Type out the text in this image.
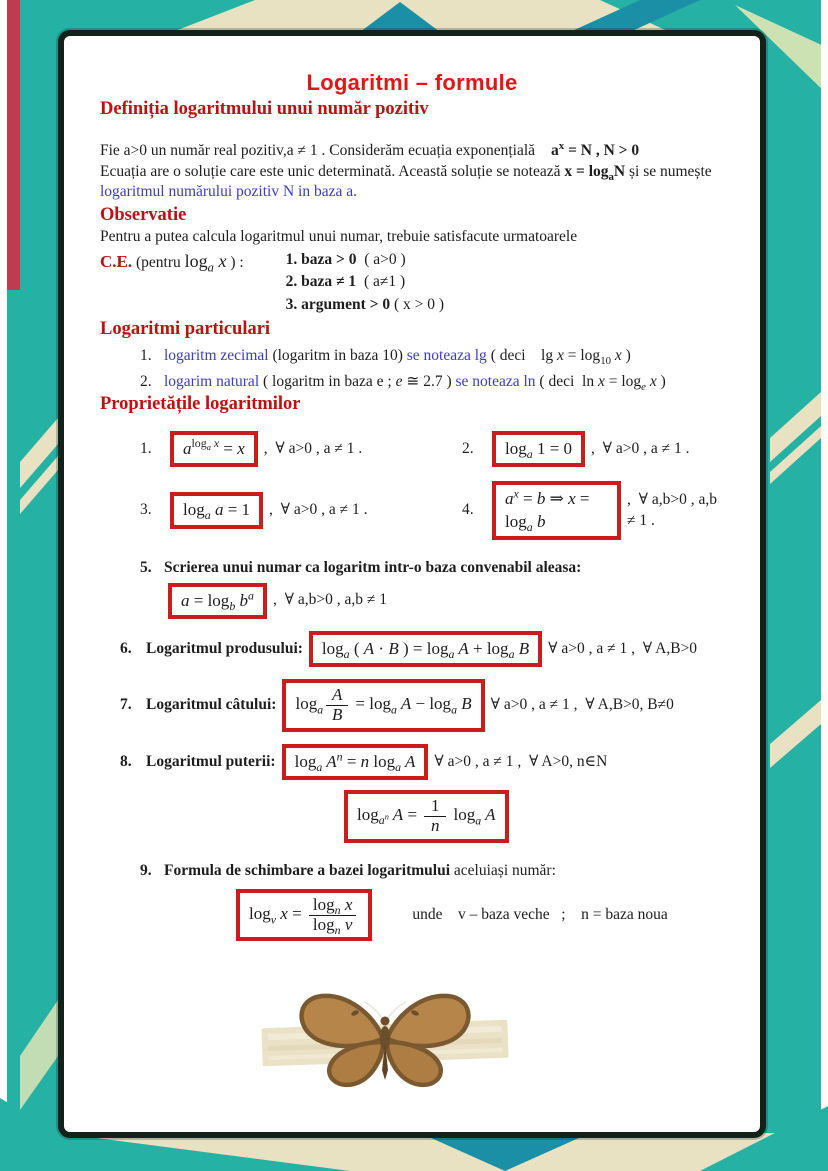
Logaritmi – formule
Definiția logaritmului unui număr pozitiv

Fie a>0 un număr real pozitiv,a ≠ 1 . Considerăm ecuația exponențială $a^x = N$ , N > 0

Ecuația are o soluție care este unic determinată. Această soluție se notează $x = \log_aN$ și se numește

logaritmul numărului pozitiv N in baza a.

Observatie

Pentru a putea calcula logaritmul unui numar, trebuie satisfacute urmatoarele

C.E. (pentru $\log_a x$ ) :	1. baza > 0  ( a>0 )
2. baza ≠ 1  ( a≠1 )
3. argument > 0 ( x > 0 )
Logaritmi particulari
1. logaritm zecimal (logaritm in baza 10) se noteaza lg ( deci    $\lg x = \log_{10} x$ )
2. logarim natural ( logaritm in baza e ; e ≅ 2.7 ) se noteaza ln ( deci  $\ln x = \log_e x$ )
Proprietățile logaritmilor
1.	$a^{log_a x} = x$	,  ∀ a>0 , a ≠ 1 .	2.	$\log_a 1 = 0$	,  ∀ a>0 , a ≠ 1 .
3.	$\log_a a = 1$	,  ∀ a>0 , a ≠ 1 .	4.
$a^x = b$ ⇒ $x = \log_a b$
,  ∀ a,b>0 , a,b ≠ 1 .
5. Scrierea unui numar ca logaritm intr-o baza convenabil aleasa:
$a = \log_b b^a$	,  ∀ a,b>0 , a,b ≠ 1
6. Logaritmul produsului:	$\log_a$ ( A · B ) = $\log_a A + \log_a B$	∀ a>0 , a ≠ 1 ,  ∀ A,B>0
7. Logaritmul câtului:	$\log_a \frac{A}{B} = \log_a A - \log_a B$	∀ a>0 , a ≠ 1 ,  ∀ A,B>0, B≠0
8. Logaritmul puterii:	$\log_a A^n = n$ $\log_a A$	∀ a>0 , a ≠ 1 ,  ∀ A>0, n∈N
$\log_{a^n} A = \frac{1}{n} \log_a A$
9. Formula de schimbare a bazei logaritmului aceluiași număr:
$\log_v x = \frac{\log_n x}{\log_n v}$	unde    v – baza veche   ;    n = baza noua
